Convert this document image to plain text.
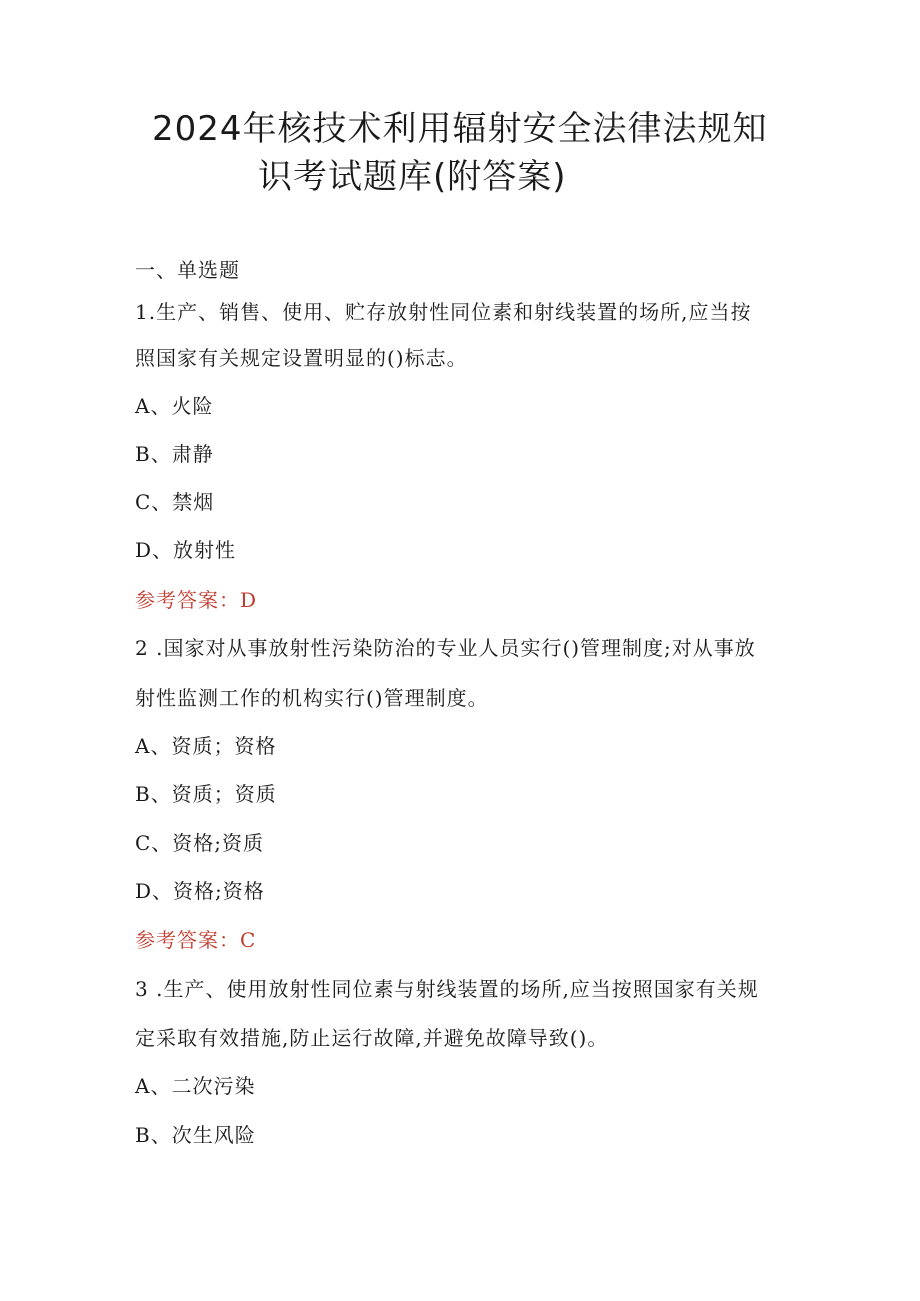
2024年核技术利用辐射安全法律法规知
识考试题库(附答案)
一、单选题
1.生产、销售、使用、贮存放射性同位素和射线装置的场所,应当按
照国家有关规定设置明显的()标志。
A、火险
B、肃静
C、禁烟
D、放射性
参考答案：D
2 .国家对从事放射性污染防治的专业人员实行()管理制度;对从事放
射性监测工作的机构实行()管理制度。
A、资质；资格
B、资质；资质
C、资格;资质
D、资格;资格
参考答案：C
3 .生产、使用放射性同位素与射线装置的场所,应当按照国家有关规
定采取有效措施,防止运行故障,并避免故障导致()。
A、二次污染
B、次生风险
